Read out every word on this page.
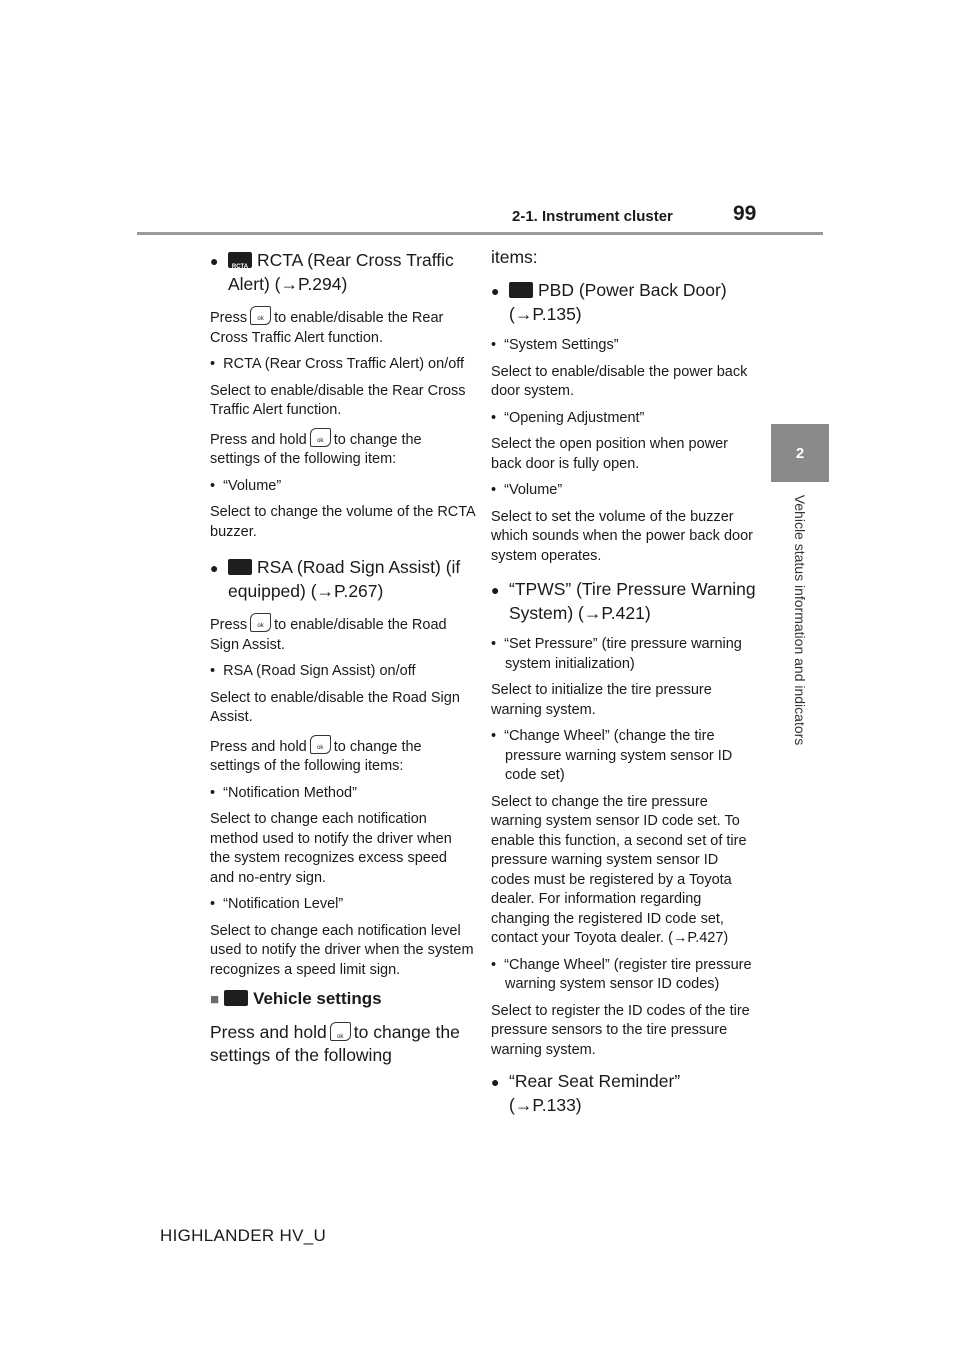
2-1. Instrument cluster	99
2
Vehicle status information and indicators
● RCTA RCTA (Rear Cross Traffic Alert) (→P.294)
Press ok to enable/disable the Rear Cross Traffic Alert function.
•  RCTA (Rear Cross Traffic Alert) on/off
Select to enable/disable the Rear Cross Traffic Alert function.
Press and hold ok to change the settings of the following item:
•  “Volume”
Select to change the volume of the RCTA buzzer.
● RSA (Road Sign Assist) (if equipped) (→P.267)
Press ok to enable/disable the Road Sign Assist.
•  RSA (Road Sign Assist) on/off
Select to enable/disable the Road Sign Assist.
Press and hold ok to change the settings of the following items:
•  “Notification Method”
Select to change each notification method used to notify the driver when the system recognizes excess speed and no-entry sign.
•  “Notification Level”
Select to change each notification level used to notify the driver when the system recognizes a speed limit sign.
■ Vehicle settings
Press and hold ok to change the settings of the following
items:
● PBD (Power Back Door) (→P.135)
•  “System Settings”
Select to enable/disable the power back door system.
•  “Opening Adjustment”
Select the open position when power back door is fully open.
•  “Volume”
Select to set the volume of the buzzer which sounds when the power back door system operates.
● “TPWS” (Tire Pressure Warning System) (→P.421)
•  “Set Pressure” (tire pressure warning system initialization)
Select to initialize the tire pressure warning system.
•  “Change Wheel” (change the tire pressure warning system sensor ID code set)
Select to change the tire pressure warning system sensor ID code set. To enable this function, a second set of tire pressure warning system sensor ID codes must be registered by a Toyota dealer. For information regarding changing the registered ID code set, contact your Toyota dealer. (→P.427)
•  “Change Wheel” (register tire pressure warning system sensor ID codes)
Select to register the ID codes of the tire pressure sensors to the tire pressure warning system.
● “Rear Seat Reminder” (→P.133)
HIGHLANDER HV_U
